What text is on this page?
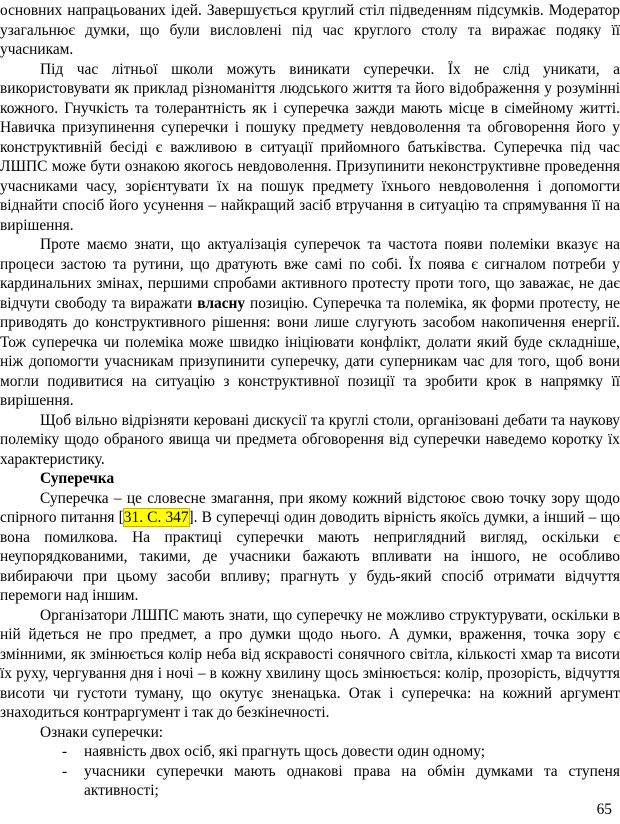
основних напрацьованих ідей. Завершується круглий стіл підведенням підсумків. Модератор узагальнює думки, що були висловлені під час круглого столу та виражає подяку її учасникам.

Під час літньої школи можуть виникати суперечки. Їх не слід уникати, а використовувати як приклад різноманіття людського життя та його відображення у розумінні кожного. Гнучкість та толерантність як і суперечка зажди мають місце в сімейному житті. Навичка призупинення суперечки і пошуку предмету невдоволення та обговорення його у конструктивній бесіді є важливою в ситуації прийомного батьківства. Суперечка під час ЛШПС може бути ознакою якогось невдоволення. Призупинити неконструктивне проведення учасниками часу, зорієнтувати їх на пошук предмету їхнього невдоволення і допомогти віднайти спосіб його усунення – найкращий засіб втручання в ситуацію та спрямування її на вирішення.

Проте маємо знати, що актуалізація суперечок та частота появи полеміки вказує на процеси застою та рутини, що дратують вже самі по собі. Їх поява є сигналом потреби у кардинальних змінах, першими спробами активного протесту проти того, що заважає, не дає відчути свободу та виражати власну позицію. Суперечка та полеміка, як форми протесту, не приводять до конструктивного рішення: вони лише слугують засобом накопичення енергії. Тож суперечка чи полеміка може швидко ініціювати конфлікт, долати який буде складніше, ніж допомогти учасникам призупинити суперечку, дати суперникам час для того, щоб вони могли подивитися на ситуацію з конструктивної позиції та зробити крок в напрямку її вирішення.

Щоб вільно відрізняти керовані дискусії та круглі столи, організовані дебати та наукову полеміку щодо обраного явища чи предмета обговорення від суперечки наведемо коротку їх характеристику.

Суперечка

Суперечка – це словесне змагання, при якому кожний відстоює свою точку зору щодо спірного питання [31. С. 347]. В суперечці один доводить вірність якоїсь думки, а інший – що вона помилкова. На практиці суперечки мають неприглядний вигляд, оскільки є неупорядкованими, такими, де учасники бажають впливати на іншого, не особливо вибираючи при цьому засоби впливу; прагнуть у будь-який спосіб отримати відчуття перемоги над іншим.

Організатори ЛШПС мають знати, що суперечку не можливо структурувати, оскільки в ній йдеться не про предмет, а про думки щодо нього. А думки, враження, точка зору є змінними, як змінюється колір неба від яскравості сонячного світла, кількості хмар та висоти їх руху, чергування дня і ночі – в кожну хвилину щось змінюється: колір, прозорість, відчуття висоти чи густоти туману, що окутує зненацька. Отак і суперечка: на кожний аргумент знаходиться контраргумент і так до безкінечності.

Ознаки суперечки:

- наявність двох осіб, які прагнуть щось довести один одному;
- учасники суперечки мають однакові права на обмін думками та ступеня активності;
65
